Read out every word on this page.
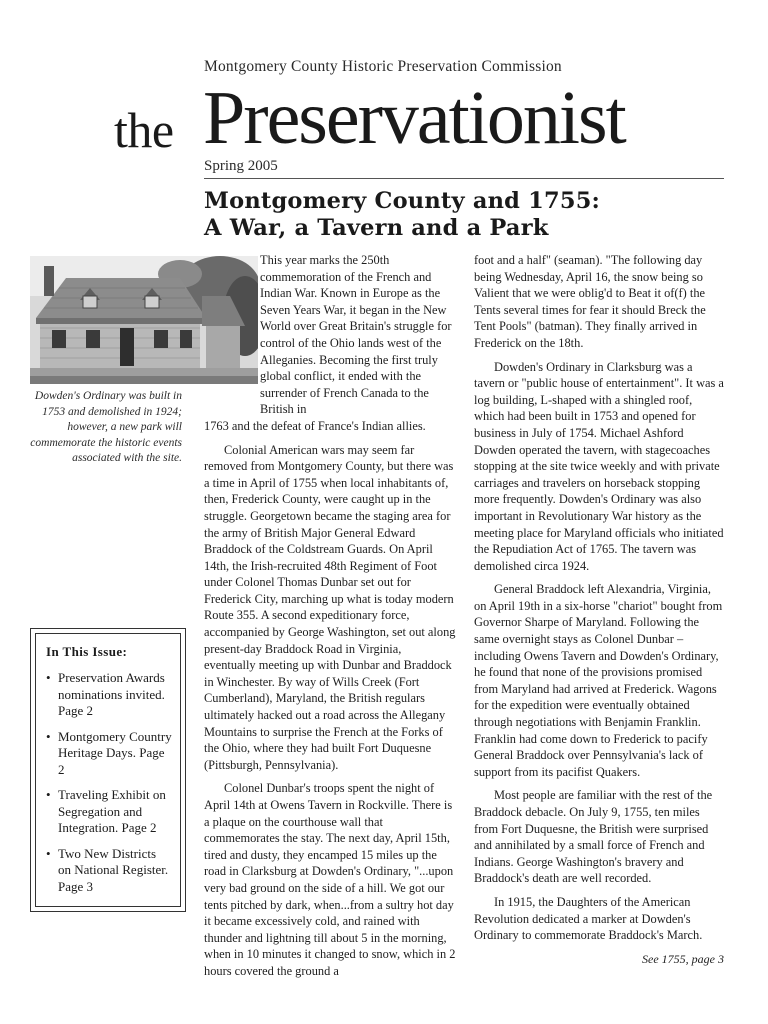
Montgomery County Historic Preservation Commission
the Preservationist
Spring 2005
Montgomery County and 1755:
A War, a Tavern and a Park
Dowden's Ordinary was built in 1753 and demolished in 1924; however, a new park will commemorate the historic events associated with the site.

This year marks the 250th commemoration of the French and Indian War. Known in Europe as the Seven Years War, it began in the New World over Great Britain's struggle for control of the Ohio lands west of the Alleganies. Becoming the first truly global conflict, it ended with the surrender of French Canada to the British in

1763 and the defeat of France's Indian allies.

Colonial American wars may seem far removed from Montgomery County, but there was a time in April of 1755 when local inhabitants of, then, Frederick County, were caught up in the struggle. Georgetown became the staging area for the army of British Major General Edward Braddock of the Coldstream Guards. On April 14th, the Irish-recruited 48th Regiment of Foot under Colonel Thomas Dunbar set out for Frederick City, marching up what is today modern Route 355. A second expeditionary force, accompanied by George Washington, set out along present-day Braddock Road in Virginia, eventually meeting up with Dunbar and Braddock in Winchester. By way of Wills Creek (Fort Cumberland), Maryland, the British regulars ultimately hacked out a road across the Allegany Mountains to surprise the French at the Forks of the Ohio, where they had built Fort Duquesne (Pittsburgh, Pennsylvania).

Colonel Dunbar's troops spent the night of April 14th at Owens Tavern in Rockville. There is a plaque on the courthouse wall that commemorates the stay. The next day, April 15th, tired and dusty, they encamped 15 miles up the road in Clarksburg at Dowden's Ordinary, "...upon very bad ground on the side of a hill. We got our tents pitched by dark, when...from a sultry hot day it became excessively cold, and rained with thunder and lightning till about 5 in the morning, when in 10 minutes it changed to snow, which in 2 hours covered the ground a

foot and a half" (seaman). "The following day being Wednesday, April 16, the snow being so Valient that we were oblig'd to Beat it of(f) the Tents several times for fear it should Breck the Tent Pools" (batman). They finally arrived in Frederick on the 18th.

Dowden's Ordinary in Clarksburg was a tavern or "public house of entertainment". It was a log building, L-shaped with a shingled roof, which had been built in 1753 and opened for business in July of 1754. Michael Ashford Dowden operated the tavern, with stagecoaches stopping at the site twice weekly and with private carriages and travelers on horseback stopping more frequently. Dowden's Ordinary was also important in Revolutionary War history as the meeting place for Maryland officials who initiated the Repudiation Act of 1765. The tavern was demolished circa 1924.

General Braddock left Alexandria, Virginia, on April 19th in a six-horse "chariot" bought from Governor Sharpe of Maryland. Following the same overnight stays as Colonel Dunbar – including Owens Tavern and Dowden's Ordinary, he found that none of the provisions promised from Maryland had arrived at Frederick. Wagons for the expedition were eventually obtained through negotiations with Benjamin Franklin. Franklin had come down to Frederick to pacify General Braddock over Pennsylvania's lack of support from its pacifist Quakers.

Most people are familiar with the rest of the Braddock debacle. On July 9, 1755, ten miles from Fort Duquesne, the British were surprised and annihilated by a small force of French and Indians. George Washington's bravery and Braddock's death are well recorded.

In 1915, the Daughters of the American Revolution dedicated a marker at Dowden's Ordinary to commemorate Braddock's March.

See 1755, page 3
In This Issue:
• Preservation Awards nominations invited. Page 2
• Montgomery Country Heritage Days. Page 2
• Traveling Exhibit on Segregation and Integration. Page 2
• Two New Districts on National Register. Page 3
